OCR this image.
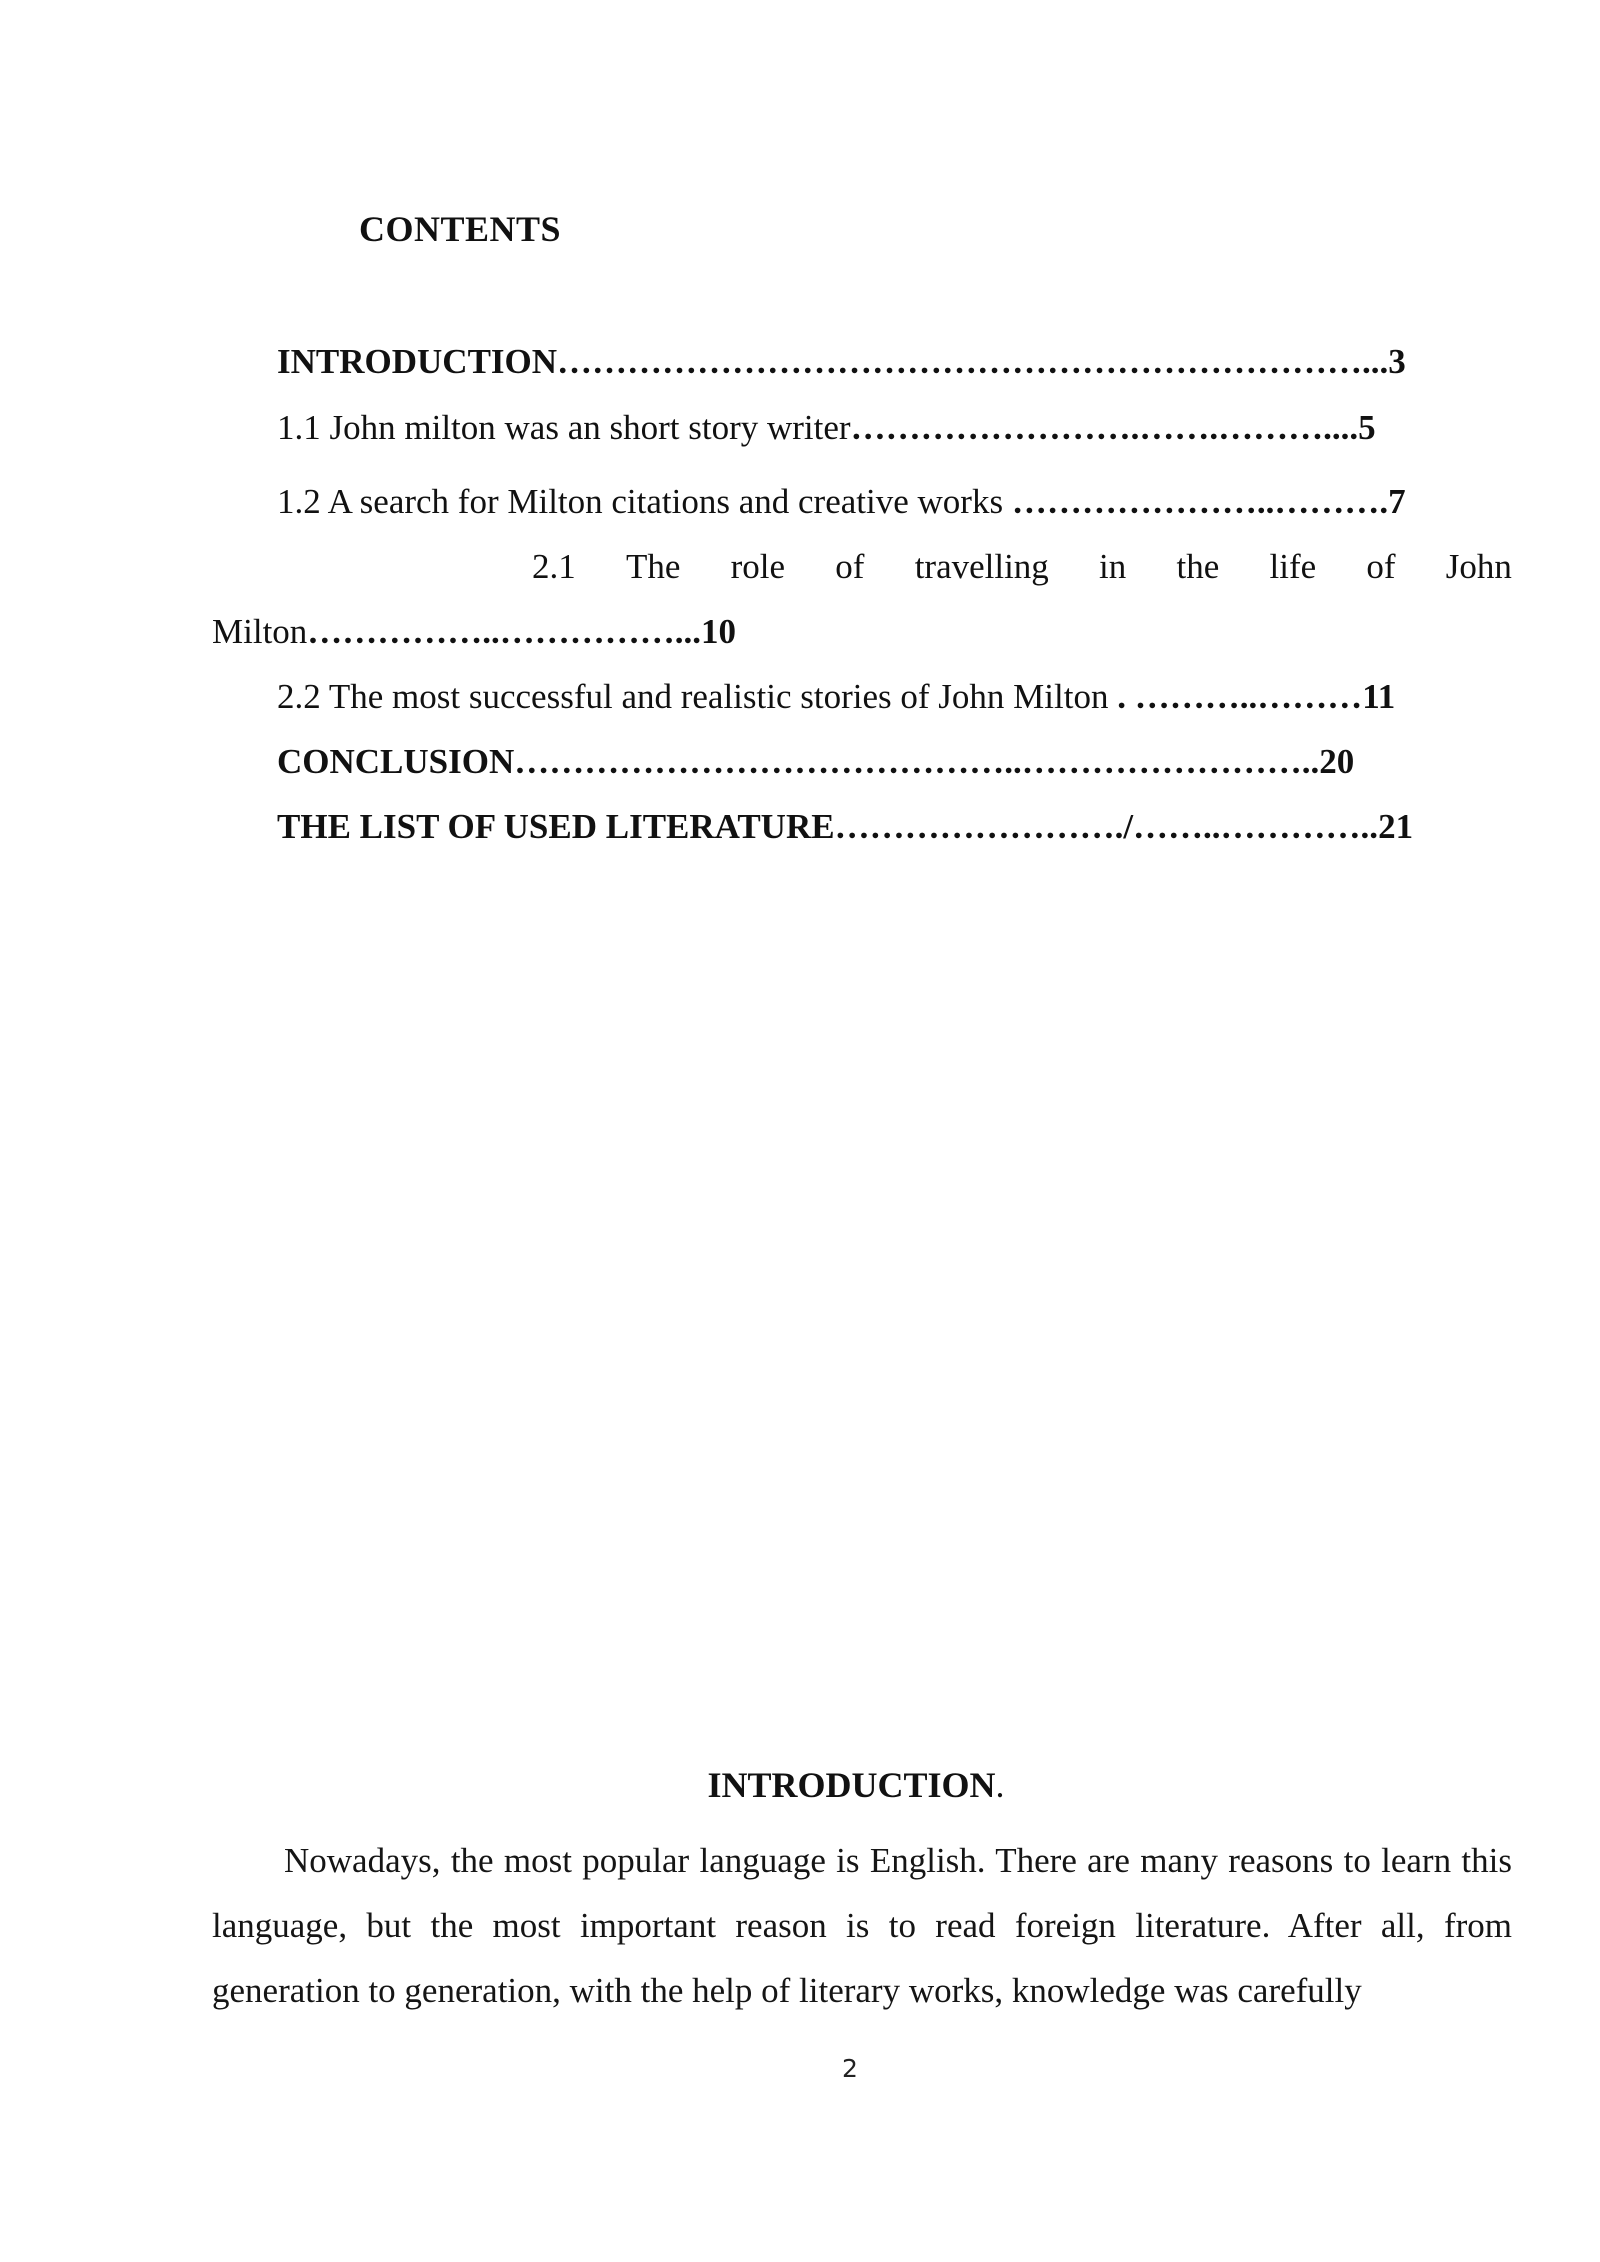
CONTENTS
INTRODUCTION……………………………………………………………...3
1.1 John milton was an short story writer…………………….…….………....5
1.2 A search for Milton citations and creative works …………………..……….7
2.1 The role of travelling in the life of John
Milton……………..……………...10
2.2 The most successful and realistic stories of John Milton . ………..………11
CONCLUSION……………………………………..……………………..20
THE LIST OF USED LITERATURE……………………./……..…………..21
INTRODUCTION.
Nowadays, the most popular language is English. There are many reasons to learn this language, but the most important reason is to read foreign literature. After all, from generation to generation, with the help of literary works, knowledge was carefully
2
